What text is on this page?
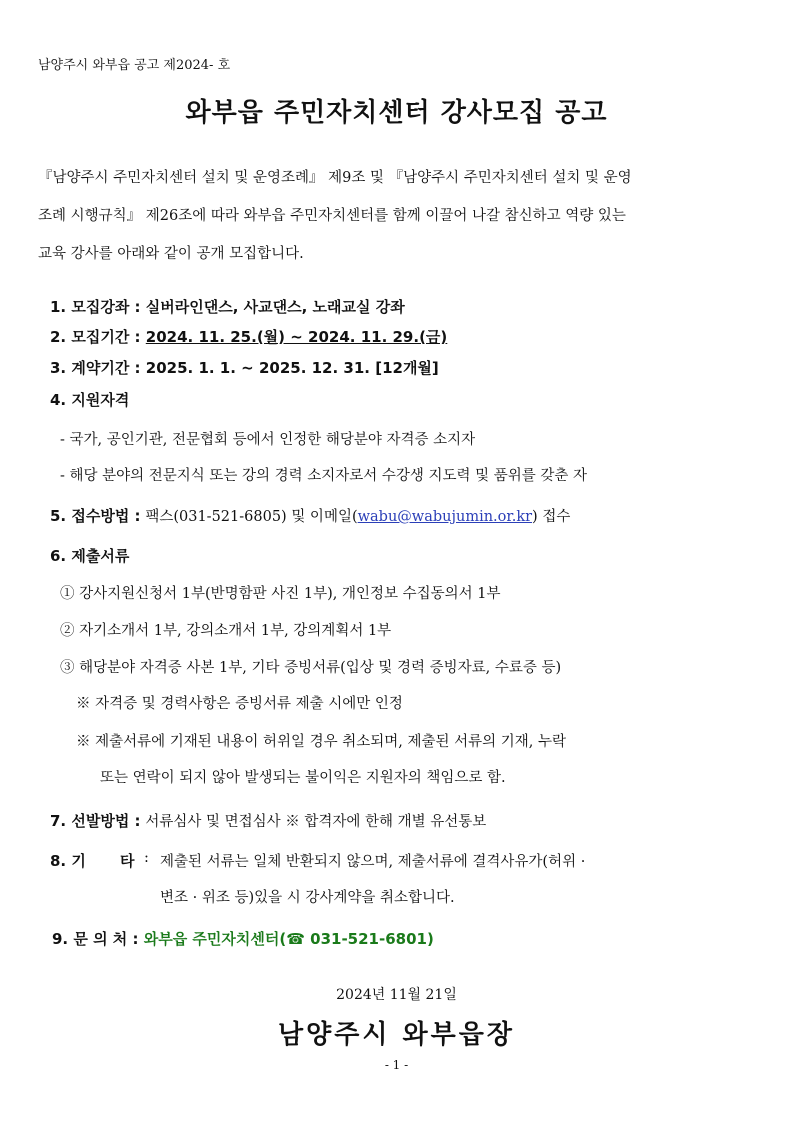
남양주시 와부읍 공고 제2024- 호
와부읍 주민자치센터 강사모집 공고
『남양주시 주민자치센터 설치 및 운영조례』 제9조 및 『남양주시 주민자치센터 설치 및 운영
조례 시행규칙』 제26조에 따라 와부읍 주민자치센터를 함께 이끌어 나갈 참신하고 역량 있는
교육 강사를 아래와 같이 공개 모집합니다.
1. 모집강좌 : 실버라인댄스, 사교댄스, 노래교실 강좌
2. 모집기간 : 2024. 11. 25.(월) ~ 2024. 11. 29.(금)
3. 계약기간 : 2025. 1. 1. ~ 2025. 12. 31. [12개월]
4. 지원자격
- 국가, 공인기관, 전문협회 등에서 인정한 해당분야 자격증 소지자
- 해당 분야의 전문지식 또는 강의 경력 소지자로서 수강생 지도력 및 품위를 갖춘 자
5. 접수방법 : 팩스(031-521-6805) 및 이메일(wabu@wabujumin.or.kr) 접수
6. 제출서류
① 강사지원신청서 1부(반명함판 사진 1부), 개인정보 수집동의서 1부
② 자기소개서 1부, 강의소개서 1부, 강의계획서 1부
③ 해당분야 자격증 사본 1부, 기타 증빙서류(입상 및 경력 증빙자료, 수료증 등)
※ 자격증 및 경력사항은 증빙서류 제출 시에만 인정
※ 제출서류에 기재된 내용이 허위일 경우 취소되며, 제출된 서류의 기재, 누락
또는 연락이 되지 않아 발생되는 불이익은 지원자의 책임으로 함.
7. 선발방법 : 서류심사 및 면접심사 ※ 합격자에 한해 개별 유선통보
8. 기 타 : 제출된 서류는 일체 반환되지 않으며, 제출서류에 결격사유가(허위 ·
변조 · 위조 등)있을 시 강사계약을 취소합니다.
9. 문 의 처 : 와부읍 주민자치센터(☎ 031-521-6801)
2024년 11월 21일
남양주시 와부읍장
- 1 -
